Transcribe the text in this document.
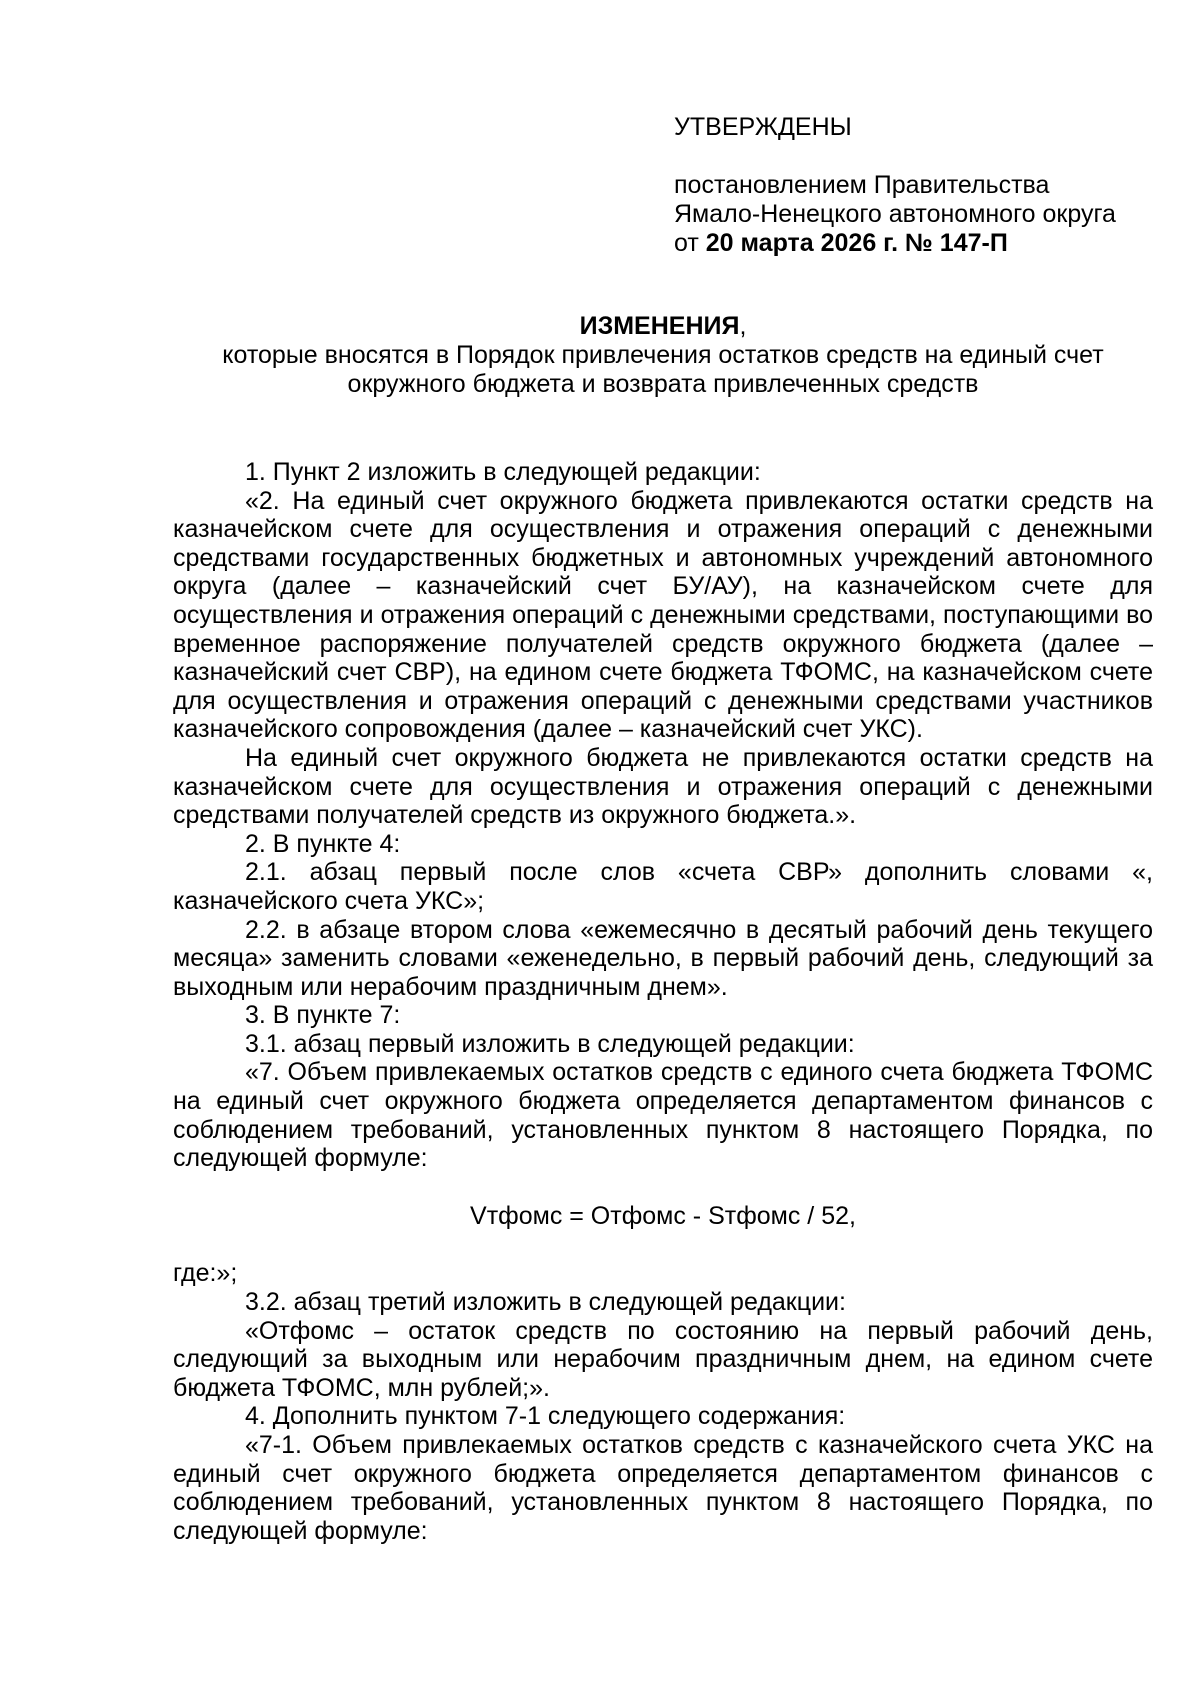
УТВЕРЖДЕНЫ
постановлением Правительства
Ямало-Ненецкого автономного округа
от 20 марта 2026 г. № 147-П
ИЗМЕНЕНИЯ,
которые вносятся в Порядок привлечения остатков средств на единый счет окружного бюджета и возврата привлеченных средств

1. Пункт 2 изложить в следующей редакции:

«2. На единый счет окружного бюджета привлекаются остатки средств на казначейском счете для осуществления и отражения операций с денежными средствами государственных бюджетных и автономных учреждений автономного округа (далее – казначейский счет БУ/АУ), на казначейском счете для осуществления и отражения операций с денежными средствами, поступающими во временное распоряжение получателей средств окружного бюджета (далее – казначейский счет СВР), на едином счете бюджета ТФОМС, на казначейском счете для осуществления и отражения операций с денежными средствами участников казначейского сопровождения (далее – казначейский счет УКС).

На единый счет окружного бюджета не привлекаются остатки средств на казначейском счете для осуществления и отражения операций с денежными средствами получателей средств из окружного бюджета.».

2. В пункте 4:

2.1. абзац первый после слов «счета СВР» дополнить словами «, казначейского счета УКС»;

2.2. в абзаце втором слова «ежемесячно в десятый рабочий день текущего месяца» заменить словами «еженедельно, в первый рабочий день, следующий за выходным или нерабочим праздничным днем».

3. В пункте 7:

3.1. абзац первый изложить в следующей редакции:

«7. Объем привлекаемых остатков средств с единого счета бюджета ТФОМС на единый счет окружного бюджета определяется департаментом финансов с соблюдением требований, установленных пунктом 8 настоящего Порядка, по следующей формуле:

Vтфомс = Отфомс - Sтфомс / 52,

где:»;

3.2. абзац третий изложить в следующей редакции:

«Отфомс – остаток средств по состоянию на первый рабочий день, следующий за выходным или нерабочим праздничным днем, на едином счете бюджета ТФОМС, млн рублей;».

4. Дополнить пунктом 7-1 следующего содержания:

«7-1. Объем привлекаемых остатков средств с казначейского счета УКС на единый счет окружного бюджета определяется департаментом финансов с соблюдением требований, установленных пунктом 8 настоящего Порядка, по следующей формуле:
